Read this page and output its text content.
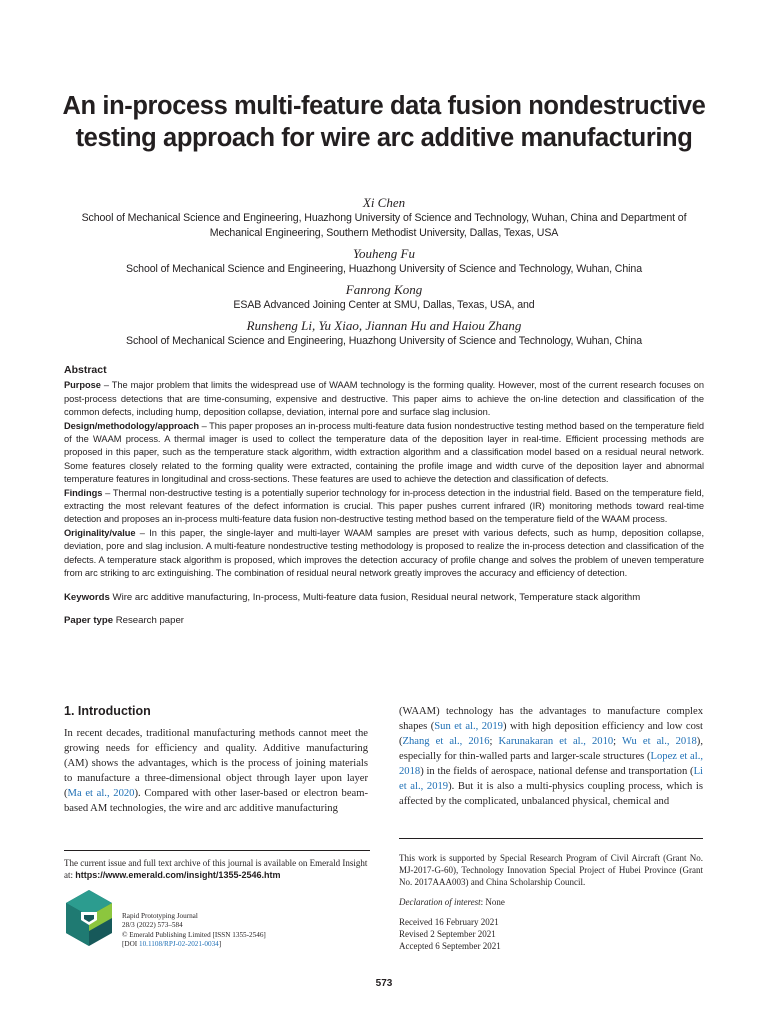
An in-process multi-feature data fusion nondestructive testing approach for wire arc additive manufacturing
Xi Chen
School of Mechanical Science and Engineering, Huazhong University of Science and Technology, Wuhan, China and Department of Mechanical Engineering, Southern Methodist University, Dallas, Texas, USA
Youheng Fu
School of Mechanical Science and Engineering, Huazhong University of Science and Technology, Wuhan, China
Fanrong Kong
ESAB Advanced Joining Center at SMU, Dallas, Texas, USA, and
Runsheng Li, Yu Xiao, Jiannan Hu and Haiou Zhang
School of Mechanical Science and Engineering, Huazhong University of Science and Technology, Wuhan, China
Abstract

Purpose – The major problem that limits the widespread use of WAAM technology is the forming quality. However, most of the current research focuses on post-process detections that are time-consuming, expensive and destructive. This paper aims to achieve the on-line detection and classification of the common defects, including hump, deposition collapse, deviation, internal pore and surface slag inclusion.

Design/methodology/approach – This paper proposes an in-process multi-feature data fusion nondestructive testing method based on the temperature field of the WAAM process. A thermal imager is used to collect the temperature data of the deposition layer in real-time. Efficient processing methods are proposed in this paper, such as the temperature stack algorithm, width extraction algorithm and a classification model based on a residual neural network. Some features closely related to the forming quality were extracted, containing the profile image and width curve of the deposition layer and abnormal temperature features in longitudinal and cross-sections. These features are used to achieve the detection and classification of defects.

Findings – Thermal non-destructive testing is a potentially superior technology for in-process detection in the industrial field. Based on the temperature field, extracting the most relevant features of the defect information is crucial. This paper pushes current infrared (IR) monitoring methods toward real-time detection and proposes an in-process multi-feature data fusion non-destructive testing method based on the temperature field of the WAAM process.

Originality/value – In this paper, the single-layer and multi-layer WAAM samples are preset with various defects, such as hump, deposition collapse, deviation, pore and slag inclusion. A multi-feature nondestructive testing methodology is proposed to realize the in-process detection and classification of the defects. A temperature stack algorithm is proposed, which improves the detection accuracy of profile change and solves the problem of uneven temperature from arc striking to arc extinguishing. The combination of residual neural network greatly improves the accuracy and efficiency of detection.

Keywords Wire arc additive manufacturing, In-process, Multi-feature data fusion, Residual neural network, Temperature stack algorithm
Paper type Research paper
1. Introduction

In recent decades, traditional manufacturing methods cannot meet the growing needs for efficiency and quality. Additive manufacturing (AM) shows the advantages, which is the process of joining materials to manufacture a three-dimensional object through layer upon layer (Ma et al., 2020). Compared with other laser-based or electron beam-based AM technologies, the wire and arc additive manufacturing

(WAAM) technology has the advantages to manufacture complex shapes (Sun et al., 2019) with high deposition efficiency and low cost (Zhang et al., 2016; Karunakaran et al., 2010; Wu et al., 2018), especially for thin-walled parts and larger-scale structures (Lopez et al., 2018) in the fields of aerospace, national defense and transportation (Li et al., 2019). But it is also a multi-physics coupling process, which is affected by the complicated, unbalanced physical, chemical and

The current issue and full text archive of this journal is available on Emerald Insight at: https://www.emerald.com/insight/1355-2546.htm
Rapid Prototyping Journal
28/3 (2022) 573–584
© Emerald Publishing Limited [ISSN 1355-2546]
[DOI 10.1108/RPJ-02-2021-0034]

This work is supported by Special Research Program of Civil Aircraft (Grant No. MJ-2017-G-60), Technology Innovation Special Project of Hubei Province (Grant No. 2017AAA003) and China Scholarship Council.

Declaration of interest: None

Received 16 February 2021

Revised 2 September 2021

Accepted 6 September 2021

573
